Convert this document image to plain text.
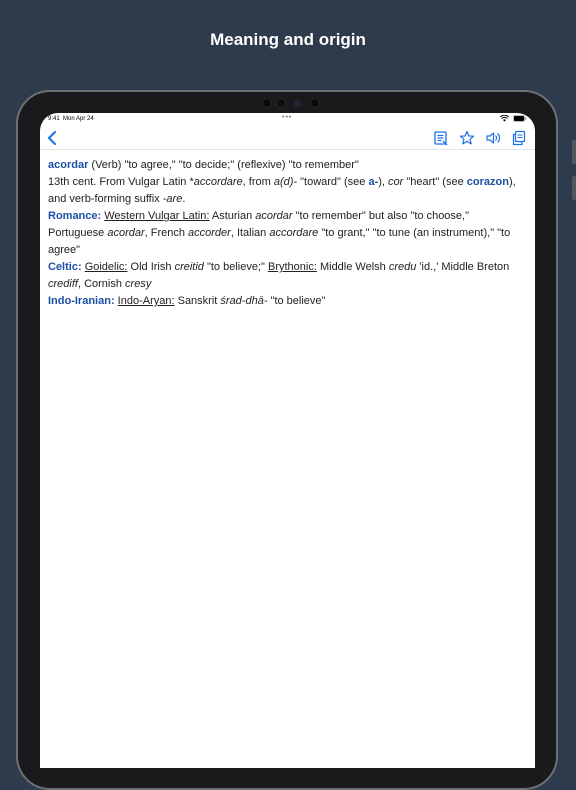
Meaning and origin
9:41 Mon Apr 24	•••

acordar (Verb) "to agree," "to decide;" (reflexive) "to remember"

13th cent. From Vulgar Latin *accordare, from a(d)- "toward" (see a-), cor "heart" (see corazon), and verb-forming suffix -are.

Romance: Western Vulgar Latin: Asturian acordar "to remember" but also "to choose," Portuguese acordar, French accorder, Italian accordare "to grant," "to tune (an instrument)," "to agree"

Celtic: Goidelic: Old Irish creitid "to believe;" Brythonic: Middle Welsh credu 'id.,' Middle Breton crediff, Cornish cresy

Indo-Iranian: Indo-Aryan: Sanskrit śrad-dhā- "to believe"
